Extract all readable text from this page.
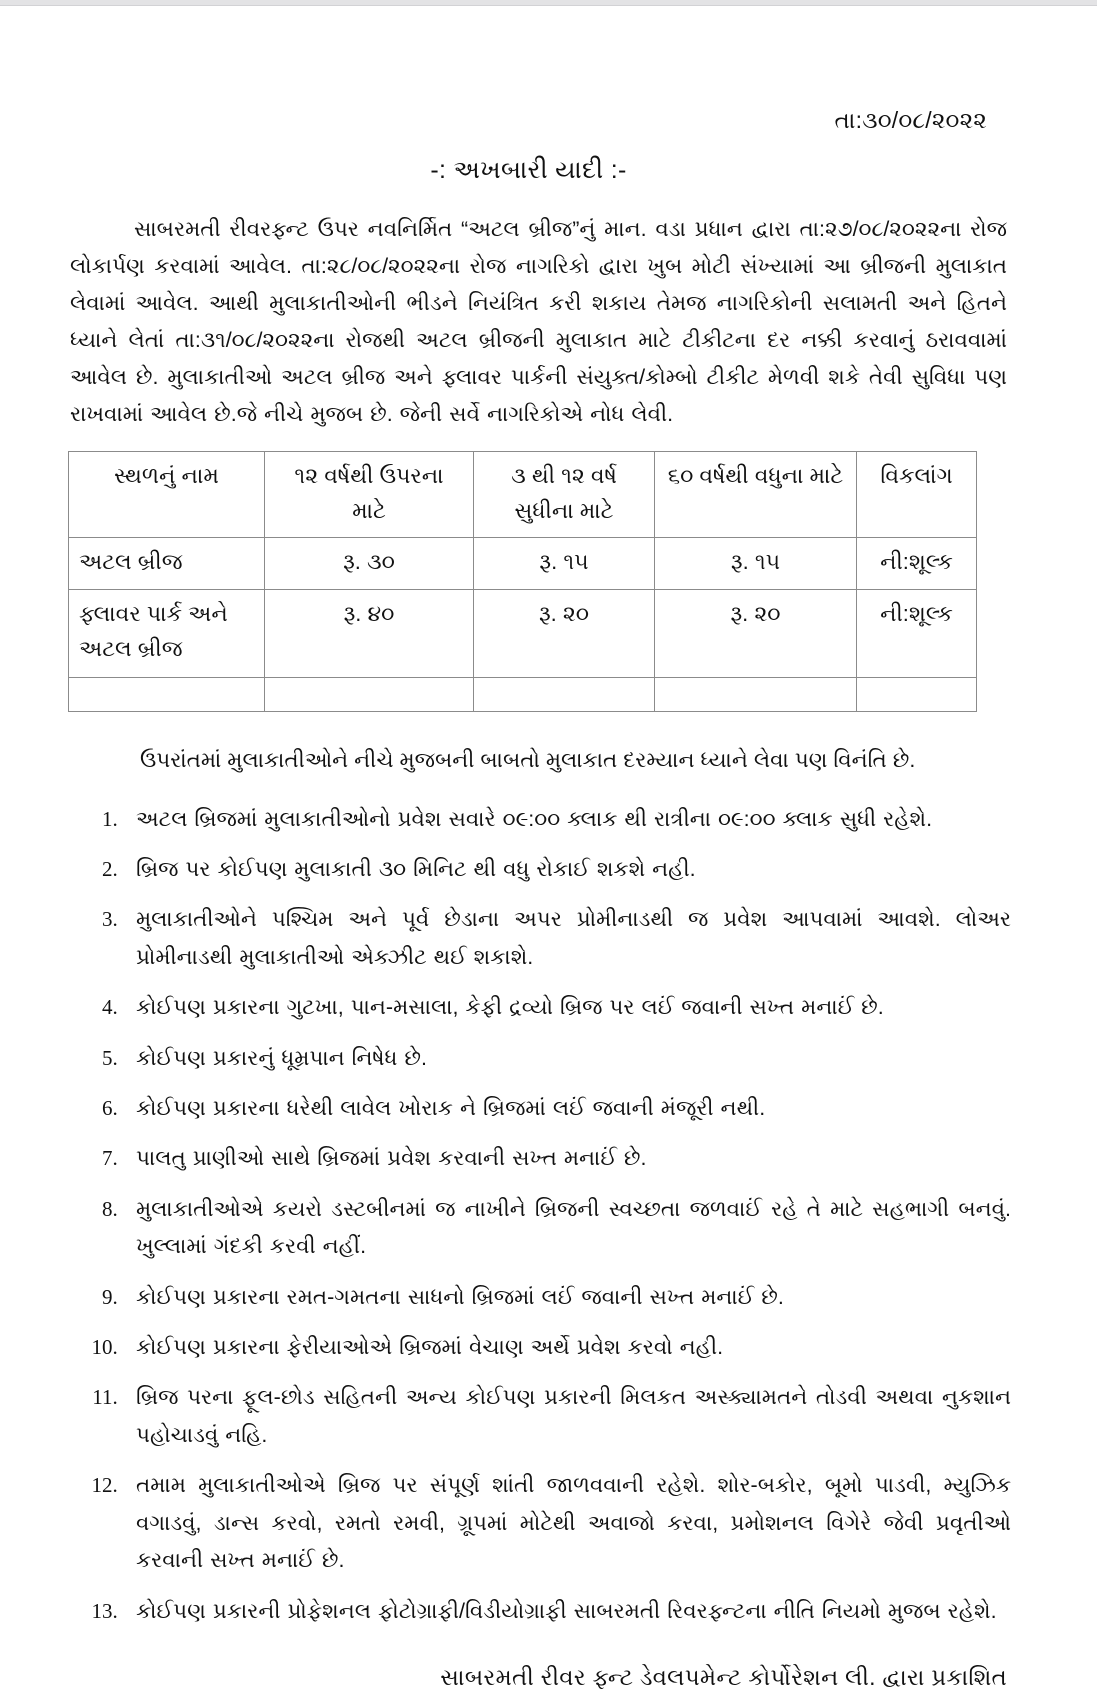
તા:૩૦/૦૮/૨૦૨૨
-: અખબારી યાદી :-
સાબરમતી રીવરફ્ન્ટ ઉપર નવનિર્મિત “અટલ બ્રીજ”નું માન. વડા પ્રધાન દ્વારા તા:૨૭/૦૮/૨૦૨૨ના રોજ લોકાર્પણ કરવામાં આવેલ. તા:૨૮/૦૮/૨૦૨૨ના રોજ નાગરિકો દ્વારા ખુબ મોટી સંખ્યામાં આ બ્રીજની મુલાકાત લેવામાં આવેલ. આથી મુલાકાતીઓની ભીડને નિયંત્રિત કરી શકાય તેમજ નાગરિકોની સલામતી અને હિતને ધ્યાને લેતાં તા:૩૧/૦૮/૨૦૨૨ના રોજથી અટલ બ્રીજની મુલાકાત માટે ટીકીટના દર નક્કી કરવાનું ઠરાવવામાં આવેલ છે. મુલાકાતીઓ અટલ બ્રીજ અને ફ્લાવર પાર્કની સંયુક્ત/કોમ્બો ટીકીટ મેળવી શકે તેવી સુવિધા પણ રાખવામાં આવેલ છે.જે નીચે મુજબ છે. જેની સર્વે નાગરિકોએ નોધ લેવી.
સ્થળનું નામ	૧૨ વર્ષથી ઉપરના માટે	૩ થી ૧૨ વર્ષ સુધીના માટે	૬૦ વર્ષથી વધુના માટે	વિકલાંગ
અટલ બ્રીજ	રૂ. ૩૦	રૂ. ૧૫	રૂ. ૧૫	ની:શૂલ્ક
ફ્લાવર પાર્ક અને અટલ બ્રીજ	રૂ. ૪૦	રૂ. ૨૦	રૂ. ૨૦	ની:શૂલ્ક

ઉપરાંતમાં મુલાકાતીઓને નીચે મુજબની બાબતો મુલાકાત દરમ્યાન ધ્યાને લેવા પણ વિનંતિ છે.
1. અટલ બ્રિજમાં મુલાકાતીઓનો પ્રવેશ સવારે ૦૯:૦૦ ક્લાક થી રાત્રીના ૦૯:૦૦ ક્લાક સુધી રહેશે.
2. બ્રિજ પર કોઈપણ મુલાકાતી ૩૦ મિનિટ થી વધુ રોકાઈ શકશે નહી.
3. મુલાકાતીઓને પશ્ચિમ અને પૂર્વ છેડાના અપર પ્રોમીનાડથી જ પ્રવેશ આપવામાં આવશે. લોઅર પ્રોમીનાડથી મુલાકાતીઓ એક્ઝીટ થઈ શકાશે.
4. કોઈપણ પ્રકારના ગુટખા, પાન-મસાલા, કેફી દ્રવ્યો બ્રિજ પર લઈં જવાની સખ્ત મનાઈં છે.
5. કોઈપણ પ્રકારનું ધૂમ્રપાન નિષેધ છે.
6. કોઈપણ પ્રકારના ધરેથી લાવેલ ખોરાક ને બ્રિજમાં લઈં જવાની મંજૂરી નથી.
7. પાલતુ પ્રાણીઓ સાથે બ્રિજમાં પ્રવેશ કરવાની સખ્ત મનાઈં છે.
8. મુલાકાતીઓએ કયરો ડસ્ટબીનમાં જ નાખીને બ્રિજની સ્વચ્છતા જળવાઈં રહે તે માટે સહભાગી બનવું. ખુલ્લામાં ગંદકી કરવી નહીં.
9. કોઈપણ પ્રકારના રમત-ગમતના સાધનો બ્રિજમાં લઈં જવાની સખ્ત મનાઈં છે.
10. કોઈપણ પ્રકારના ફેરીયાઓએ બ્રિજમાં વેચાણ અર્થે પ્રવેશ કરવો નહી.
11. બ્રિજ પરના ફૂલ-છોડ સહિતની અન્ય કોઈપણ પ્રકારની મિલકત અસ્ક્યામતને તોડવી અથવા નુકશાન પહોચાડવું નહિ.
12. તમામ મુલાકાતીઓએ બ્રિજ પર સંપૂર્ણ શાંતી જાળવવાની રહેશે. શોર-બકોર, બૂમો પાડવી, મ્યુઝિક વગાડવું, ડાન્સ કરવો, રમતો રમવી, ગ્રૂપમાં મોટેથી અવાજો કરવા, પ્રમોશનલ વિગેરે જેવી પ્રવૃતીઓ કરવાની સખ્ત મનાઈં છે.
13. કોઈપણ પ્રકારની પ્રોફેશનલ ફોટોગ્રાફી/વિડીયોગ્રાફી સાબરમતી રિવરફ્ન્ટના નીતિ નિયમો મુજબ રહેશે.
સાબરમતી રીવર ફ્ન્ટ ડેવલપમેન્ટ કોર્પોરેશન લી. દ્વારા પ્રકાશિત
